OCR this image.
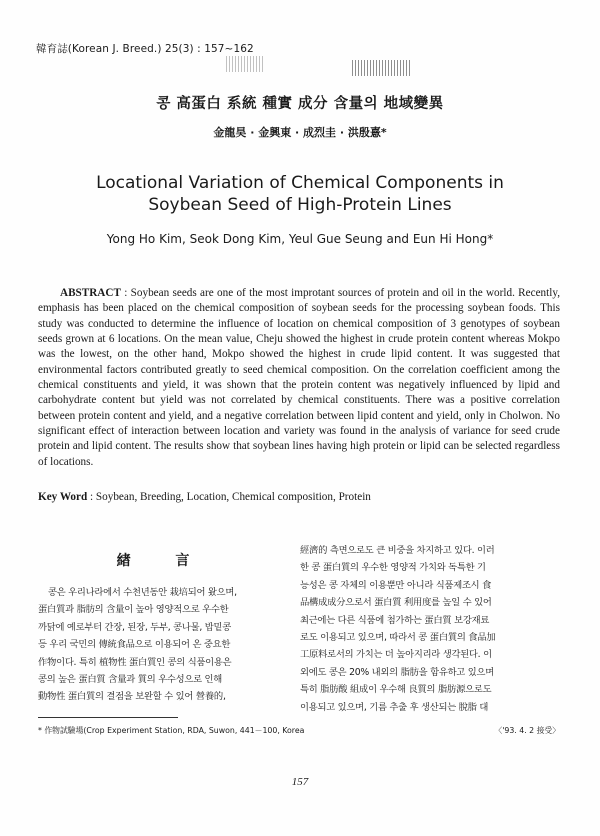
韓育誌(Korean J. Breed.) 25(3) : 157~162
콩 高蛋白 系統 種實 成分 含量의 地域變異
金龍昊 · 金興東 · 成烈圭 · 洪殷憙*
Locational Variation of Chemical Components in
Soybean Seed of High-Protein Lines
Yong Ho Kim, Seok Dong Kim, Yeul Gue Seung and Eun Hi Hong*
ABSTRACT : Soybean seeds are one of the most improtant sources of protein and oil in the world. Recently, emphasis has been placed on the chemical composition of soybean seeds for the processing soybean foods. This study was conducted to determine the influence of location on chemical composition of 3 genotypes of soybean seeds grown at 6 locations. On the mean value, Cheju showed the highest in crude protein content whereas Mokpo was the lowest, on the other hand, Mokpo showed the highest in crude lipid content. It was suggested that environmental factors contributed greatly to seed chemical composition. On the correlation coefficient among the chemical constituents and yield, it was shown that the protein content was negatively influenced by lipid and carbohydrate content but yield was not correlated by chemical constituents. There was a positive correlation between protein content and yield, and a negative correlation between lipid content and yield, only in Cholwon. No significant effect of interaction between location and variety was found in the analysis of variance for seed crude protein and lipid content. The results show that soybean lines having high protein or lipid can be selected regardless of locations.
Key Word : Soybean, Breeding, Location, Chemical composition, Protein
緖 言
콩은 우리나라에서 수천년동안 栽培되어 왔으며,
蛋白質과 脂肪의 含量이 높아 영양적으로 우수한
까닭에 예로부터 간장, 된장, 두부, 콩나물, 밥밑콩
등 우리 국민의 傳統食品으로 이용되어 온 중요한
作物이다. 특히 植物性 蛋白質인 콩의 식품이용은
콩의 높은 蛋白質 含量과 質의 우수성으로 인해
動物性 蛋白質의 결점을 보완할 수 있어 營養的,
經濟的 측면으로도 큰 비중을 차지하고 있다. 이러
한 콩 蛋白質의 우수한 영양적 가치와 독특한 기
능성은 콩 자체의 이용뿐만 아니라 식품제조시 食
品構成成分으로서 蛋白質 利用度를 높일 수 있어
최근에는 다른 식품에 첨가하는 蛋白質 보강재료
로도 이용되고 있으며, 따라서 콩 蛋白質의 食品加
工原料로서의 가치는 더 높아지리라 생각된다. 이
외에도 콩은 20% 내외의 脂肪을 함유하고 있으며
특히 脂肪酸 組成이 우수해 良質의 脂肪源으로도
이용되고 있으며, 기름 추출 후 생산되는 脫脂 대
* 作物試驗場(Crop Experiment Station, RDA, Suwon, 441－100, Korea	〈'93. 4. 2 接受〉
157
